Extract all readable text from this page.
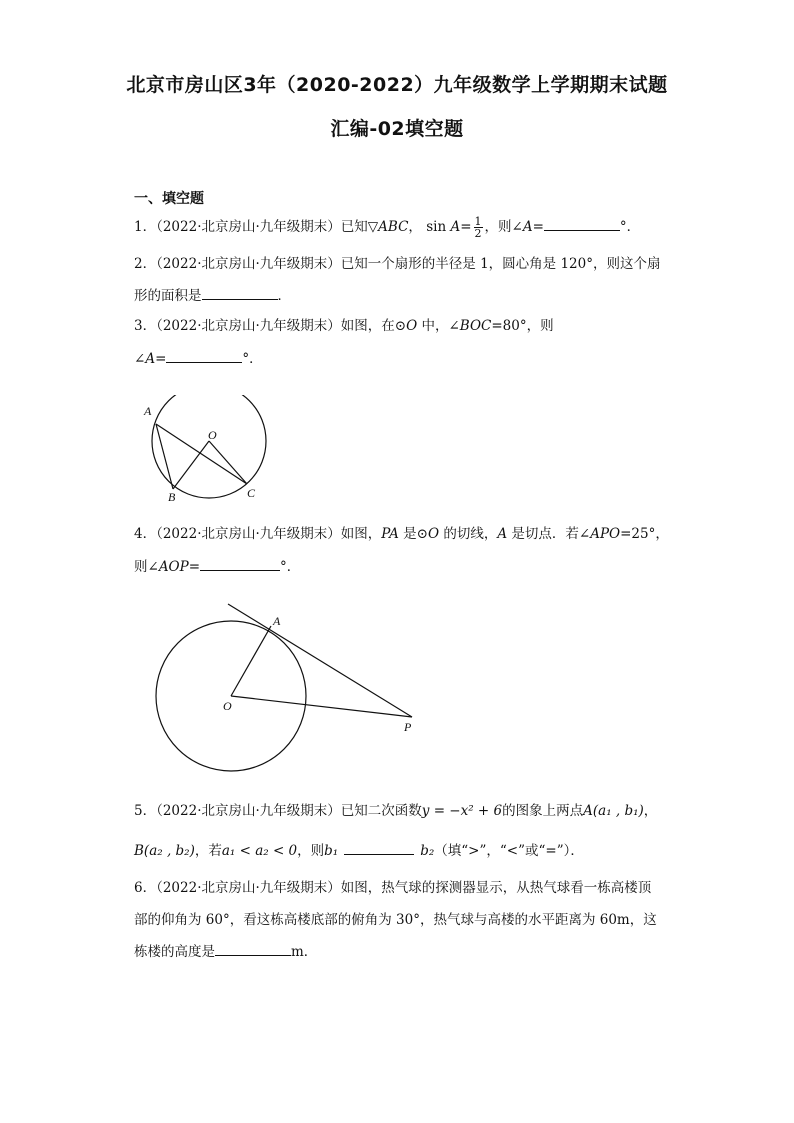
北京市房山区3年（2020-2022）九年级数学上学期期末试题
汇编-02填空题
一、填空题
1．（2022·北京房山·九年级期末）已知▽ABC， $\sin A= \frac{1}{2}$ ，则∠A=	°．
2．（2022·北京房山·九年级期末）已知一个扇形的半径是 1，圆心角是 120°，则这个扇
形的面积是	．
3．（2022·北京房山·九年级期末）如图，在⊙O 中，∠BOC=80°，则
∠A=	°．
A
O
B	C
4．（2022·北京房山·九年级期末）如图，PA 是⊙O 的切线，A 是切点．若∠APO=25°，
则∠AOP=	°．
A
O
P
5．（2022·北京房山·九年级期末）已知二次函数y = −x² + 6的图象上两点A(a₁ , b₁)，
B(a₂ , b₂)，若a₁ < a₂ < 0，则b₁	b₂（填“>”，“<”或“=”）．
6．（2022·北京房山·九年级期末）如图，热气球的探测器显示，从热气球看一栋高楼顶
部的仰角为 60°，看这栋高楼底部的俯角为 30°，热气球与高楼的水平距离为 60m，这
栋楼的高度是	m．
